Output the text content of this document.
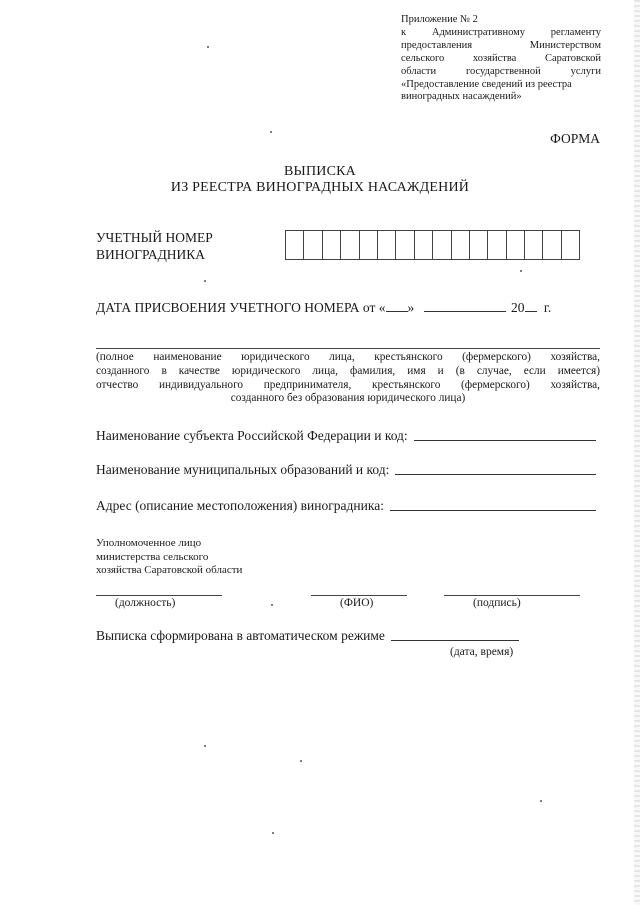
Приложение № 2
к Административному регламенту
предоставления Министерством
сельского хозяйства Саратовской
области государственной услуги
«Предоставление сведений из реестра
виноградных насаждений»
ФОРМА
ВЫПИСКА
ИЗ РЕЕСТРА ВИНОГРАДНЫХ НАСАЖДЕНИЙ
УЧЕТНЫЙ НОМЕР
ВИНОГРАДНИКА
ДАТА ПРИСВОЕНИЯ УЧЕТНОГО НОМЕРА от « »	20 г.
(полное наименование юридического лица, крестьянского (фермерского) хозяйства,
созданного в качестве юридического лица, фамилия, имя и (в случае, если имеется)
отчество индивидуального предпринимателя, крестьянского (фермерского) хозяйства,
созданного без образования юридического лица)
Наименование субъекта Российской Федерации и код:
Наименование муниципальных образований и код:
Адрес (описание местоположения) виноградника:
Уполномоченное лицо
министерства сельского
хозяйства Саратовской области
(должность)	(ФИО)	(подпись)
Выписка сформирована в автоматическом режиме
(дата, время)
